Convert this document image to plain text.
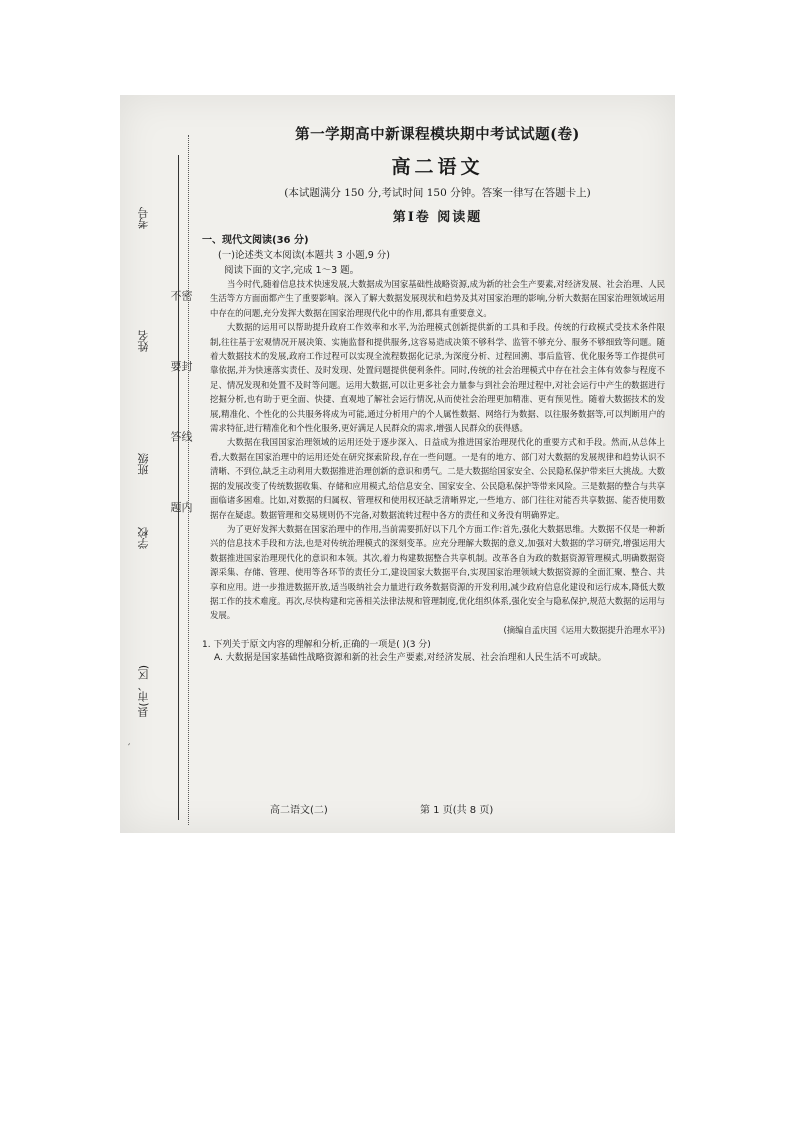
考号
姓名
班级
学校
县(市、区)
密 封 线 内 不 要 答 题
′

第一学期高中新课程模块期中考试试题(卷)

高二语文

(本试题满分 150 分,考试时间 150 分钟。答案一律写在答题卡上)

第Ⅰ卷 阅读题

一、现代文阅读(36 分)

(一)论述类文本阅读(本题共 3 小题,9 分)

阅读下面的文字,完成 1～3 题。

当今时代,随着信息技术快速发展,大数据成为国家基础性战略资源,成为新的社会生产要素,对经济发展、社会治理、人民生活等方方面面都产生了重要影响。深入了解大数据发展现状和趋势及其对国家治理的影响,分析大数据在国家治理领域运用中存在的问题,充分发挥大数据在国家治理现代化中的作用,都具有重要意义。

大数据的运用可以帮助提升政府工作效率和水平,为治理模式创新提供新的工具和手段。传统的行政模式受技术条件限制,往往基于宏观情况开展决策、实施监督和提供服务,这容易造成决策不够科学、监管不够充分、服务不够细致等问题。随着大数据技术的发展,政府工作过程可以实现全流程数据化记录,为深度分析、过程回溯、事后监管、优化服务等工作提供可靠依据,并为快速落实责任、及时发现、处置问题提供便利条件。同时,传统的社会治理模式中存在社会主体有效参与程度不足、情况发现和处置不及时等问题。运用大数据,可以让更多社会力量参与到社会治理过程中,对社会运行中产生的数据进行挖掘分析,也有助于更全面、快捷、直观地了解社会运行情况,从而使社会治理更加精准、更有预见性。随着大数据技术的发展,精准化、个性化的公共服务将成为可能,通过分析用户的个人属性数据、网络行为数据、以往服务数据等,可以判断用户的需求特征,进行精准化和个性化服务,更好满足人民群众的需求,增强人民群众的获得感。

大数据在我国国家治理领域的运用还处于逐步深入、日益成为推进国家治理现代化的重要方式和手段。然而,从总体上看,大数据在国家治理中的运用还处在研究探索阶段,存在一些问题。一是有的地方、部门对大数据的发展规律和趋势认识不清晰、不到位,缺乏主动利用大数据推进治理创新的意识和勇气。二是大数据给国家安全、公民隐私保护带来巨大挑战。大数据的发展改变了传统数据收集、存储和应用模式,给信息安全、国家安全、公民隐私保护等带来风险。三是数据的整合与共享面临诸多困难。比如,对数据的归属权、管理权和使用权还缺乏清晰界定,一些地方、部门往往对能否共享数据、能否使用数据存在疑虑。数据管理和交易规则仍不完备,对数据流转过程中各方的责任和义务没有明确界定。

为了更好发挥大数据在国家治理中的作用,当前需要抓好以下几个方面工作:首先,强化大数据思维。大数据不仅是一种新兴的信息技术手段和方法,也是对传统治理模式的深刻变革。应充分理解大数据的意义,加强对大数据的学习研究,增强运用大数据推进国家治理现代化的意识和本领。其次,着力构建数据整合共享机制。改革各自为政的数据资源管理模式,明确数据资源采集、存储、管理、使用等各环节的责任分工,建设国家大数据平台,实现国家治理领域大数据资源的全面汇聚、整合、共享和应用。进一步推进数据开放,适当吸纳社会力量进行政务数据资源的开发利用,减少政府信息化建设和运行成本,降低大数据工作的技术难度。再次,尽快构建和完善相关法律法规和管理制度,优化组织体系,强化安全与隐私保护,规范大数据的运用与发展。

(摘编自孟庆国《运用大数据提升治理水平》)

1. 下列关于原文内容的理解和分析,正确的一项是( )(3 分)

A. 大数据是国家基础性战略资源和新的社会生产要素,对经济发展、社会治理和人民生活不可或缺。

高二语文(二)	第 1 页(共 8 页)
